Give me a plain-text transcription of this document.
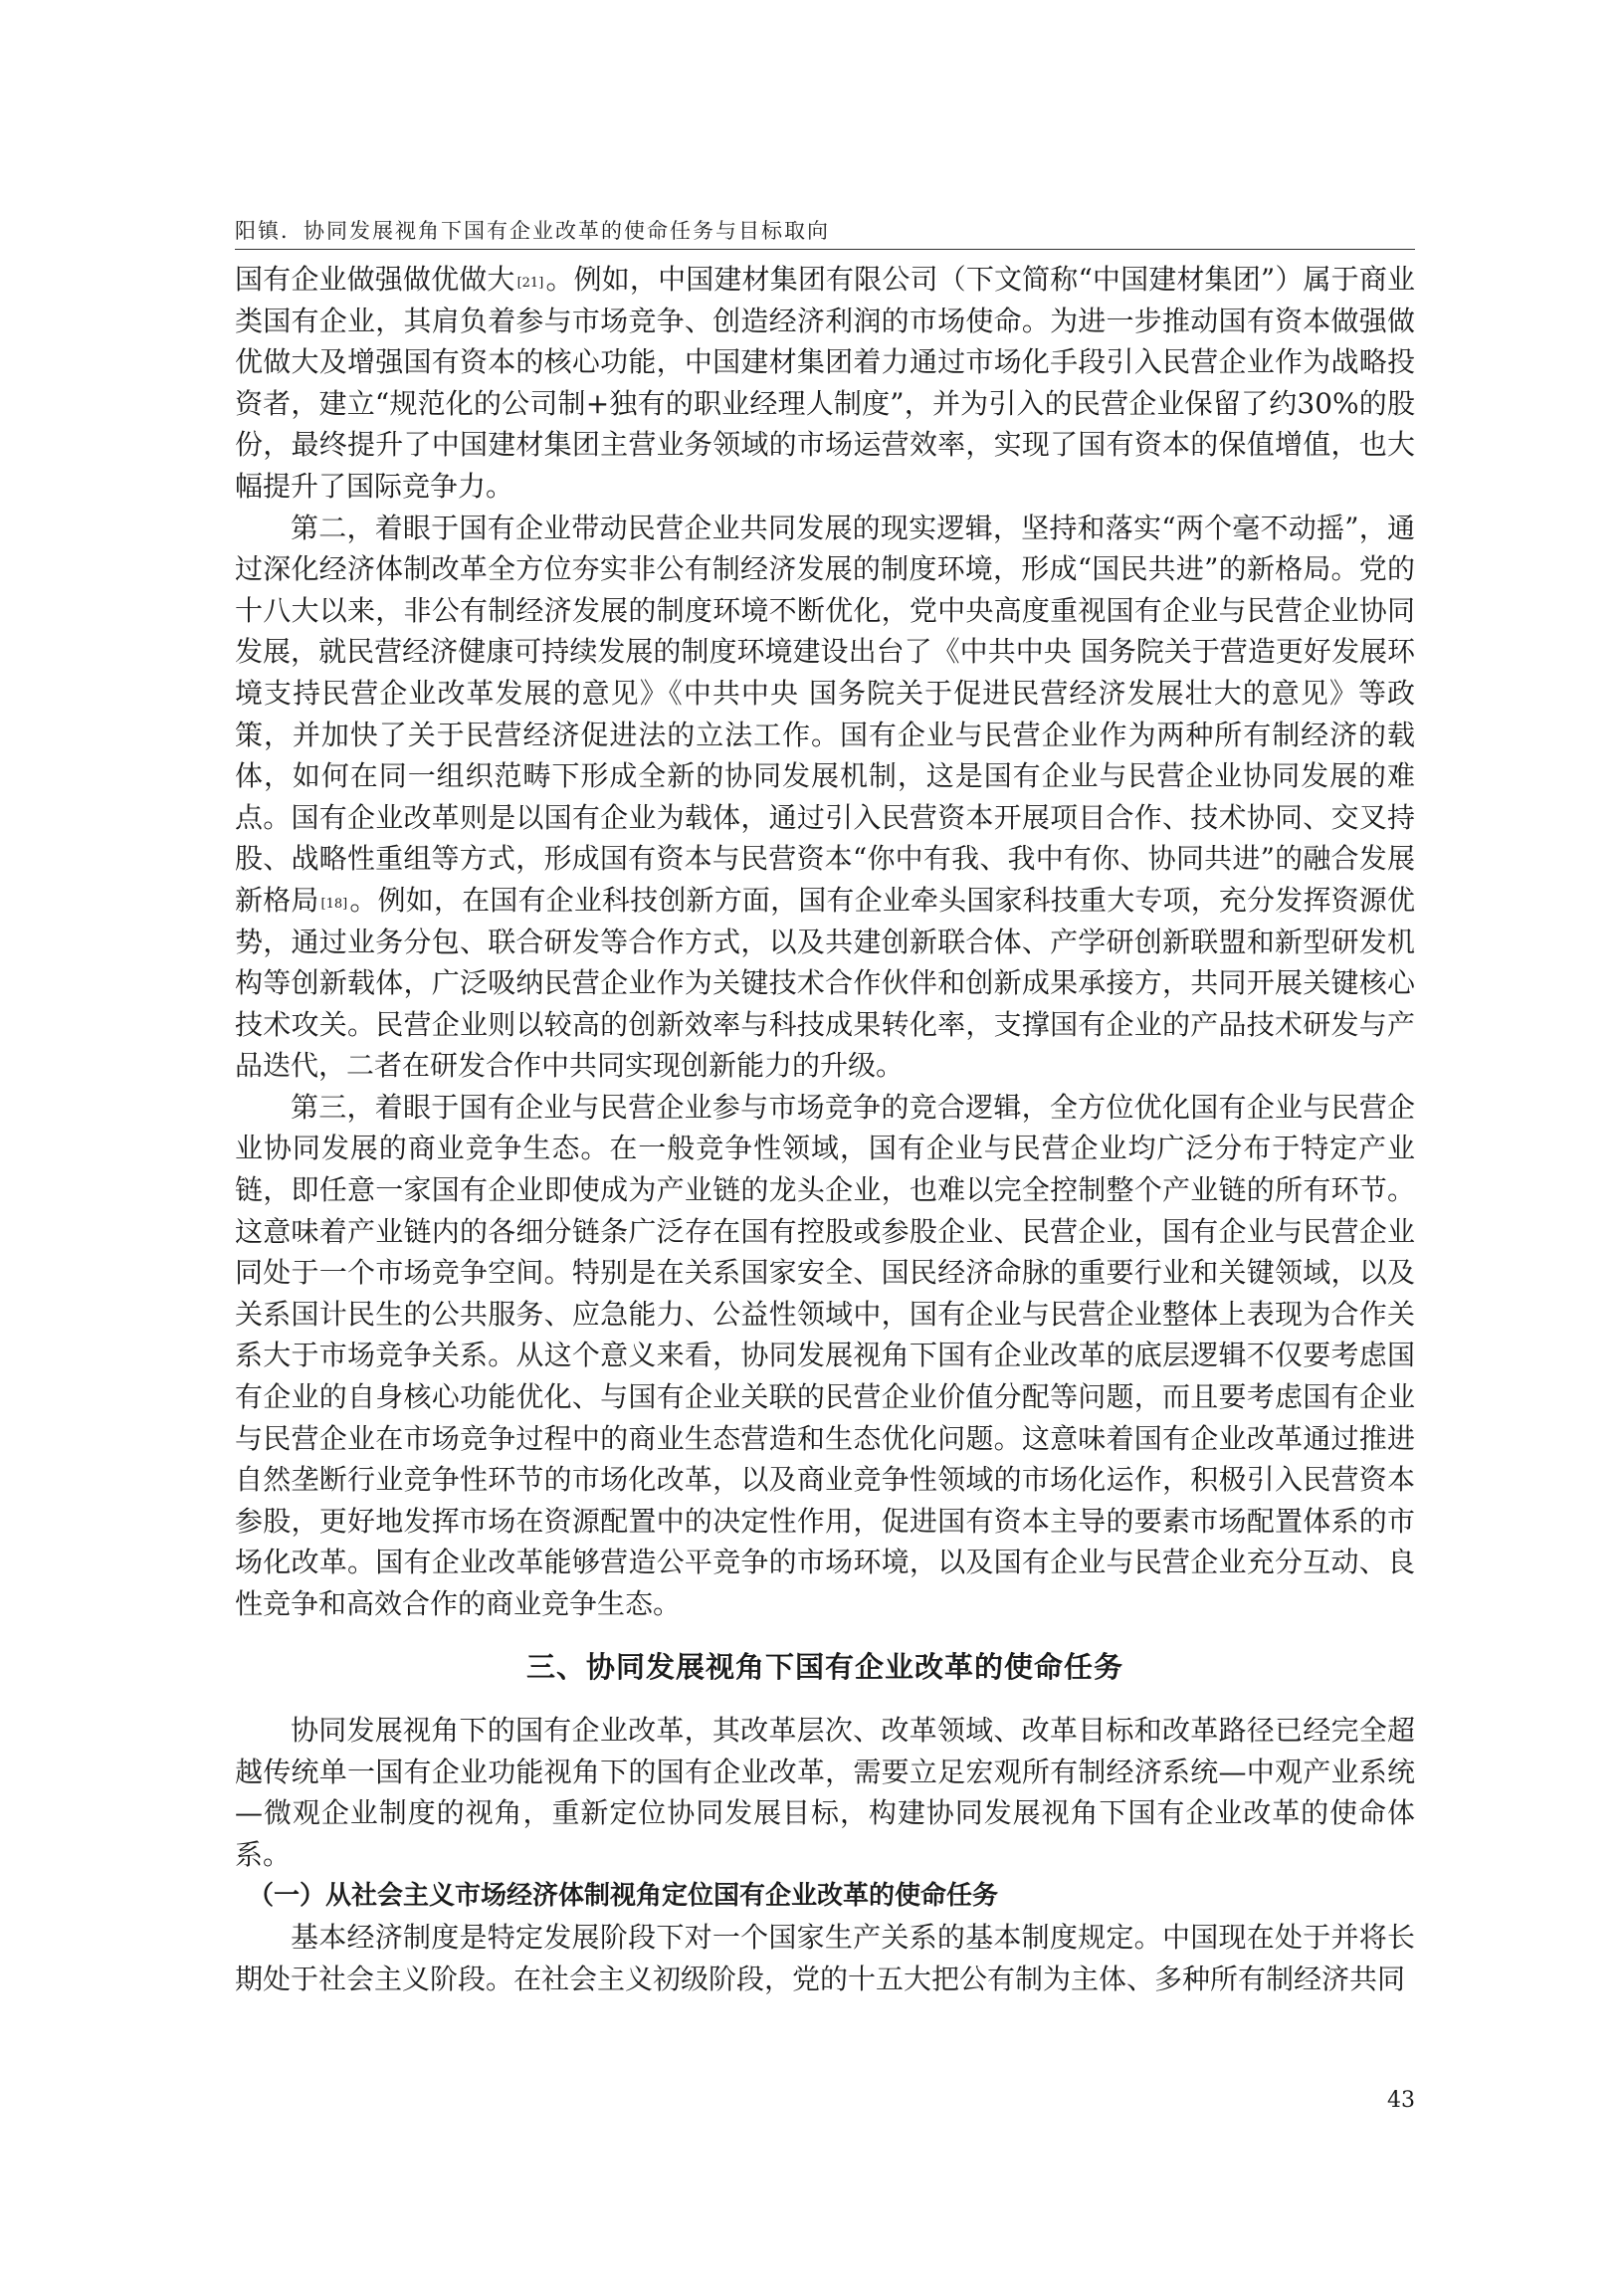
阳镇．协同发展视角下国有企业改革的使命任务与目标取向

国有企业做强做优做大 [21]。例如，中国建材集团有限公司（下文简称“中国建材集团”）属于商业类国有企业，其肩负着参与市场竞争、创造经济利润的市场使命。为进一步推动国有资本做强做优做大及增强国有资本的核心功能，中国建材集团着力通过市场化手段引入民营企业作为战略投资者，建立“规范化的公司制+独有的职业经理人制度”，并为引入的民营企业保留了约30%的股份，最终提升了中国建材集团主营业务领域的市场运营效率，实现了国有资本的保值增值，也大幅提升了国际竞争力。

第二，着眼于国有企业带动民营企业共同发展的现实逻辑，坚持和落实“两个毫不动摇”，通过深化经济体制改革全方位夯实非公有制经济发展的制度环境，形成“国民共进”的新格局。党的十八大以来，非公有制经济发展的制度环境不断优化，党中央高度重视国有企业与民营企业协同发展，就民营经济健康可持续发展的制度环境建设出台了《中共中央 国务院关于营造更好发展环境支持民营企业改革发展的意见》《中共中央 国务院关于促进民营经济发展壮大的意见》等政策，并加快了关于民营经济促进法的立法工作。国有企业与民营企业作为两种所有制经济的载体，如何在同一组织范畴下形成全新的协同发展机制，这是国有企业与民营企业协同发展的难点。国有企业改革则是以国有企业为载体，通过引入民营资本开展项目合作、技术协同、交叉持股、战略性重组等方式，形成国有资本与民营资本“你中有我、我中有你、协同共进”的融合发展新格局 [18]。例如，在国有企业科技创新方面，国有企业牵头国家科技重大专项，充分发挥资源优势，通过业务分包、联合研发等合作方式，以及共建创新联合体、产学研创新联盟和新型研发机构等创新载体，广泛吸纳民营企业作为关键技术合作伙伴和创新成果承接方，共同开展关键核心技术攻关。民营企业则以较高的创新效率与科技成果转化率，支撑国有企业的产品技术研发与产品迭代，二者在研发合作中共同实现创新能力的升级。

第三，着眼于国有企业与民营企业参与市场竞争的竞合逻辑，全方位优化国有企业与民营企业协同发展的商业竞争生态。在一般竞争性领域，国有企业与民营企业均广泛分布于特定产业链，即任意一家国有企业即使成为产业链的龙头企业，也难以完全控制整个产业链的所有环节。这意味着产业链内的各细分链条广泛存在国有控股或参股企业、民营企业，国有企业与民营企业同处于一个市场竞争空间。特别是在关系国家安全、国民经济命脉的重要行业和关键领域，以及关系国计民生的公共服务、应急能力、公益性领域中，国有企业与民营企业整体上表现为合作关系大于市场竞争关系。从这个意义来看，协同发展视角下国有企业改革的底层逻辑不仅要考虑国有企业的自身核心功能优化、与国有企业关联的民营企业价值分配等问题，而且要考虑国有企业与民营企业在市场竞争过程中的商业生态营造和生态优化问题。这意味着国有企业改革通过推进自然垄断行业竞争性环节的市场化改革，以及商业竞争性领域的市场化运作，积极引入民营资本参股，更好地发挥市场在资源配置中的决定性作用，促进国有资本主导的要素市场配置体系的市场化改革。国有企业改革能够营造公平竞争的市场环境，以及国有企业与民营企业充分互动、良性竞争和高效合作的商业竞争生态。

三、协同发展视角下国有企业改革的使命任务

协同发展视角下的国有企业改革，其改革层次、改革领域、改革目标和改革路径已经完全超越传统单一国有企业功能视角下的国有企业改革，需要立足宏观所有制经济系统—中观产业系统—微观企业制度的视角，重新定位协同发展目标，构建协同发展视角下国有企业改革的使命体系。

（一）从社会主义市场经济体制视角定位国有企业改革的使命任务

基本经济制度是特定发展阶段下对一个国家生产关系的基本制度规定。中国现在处于并将长期处于社会主义阶段。在社会主义初级阶段，党的十五大把公有制为主体、多种所有制经济共同

43
